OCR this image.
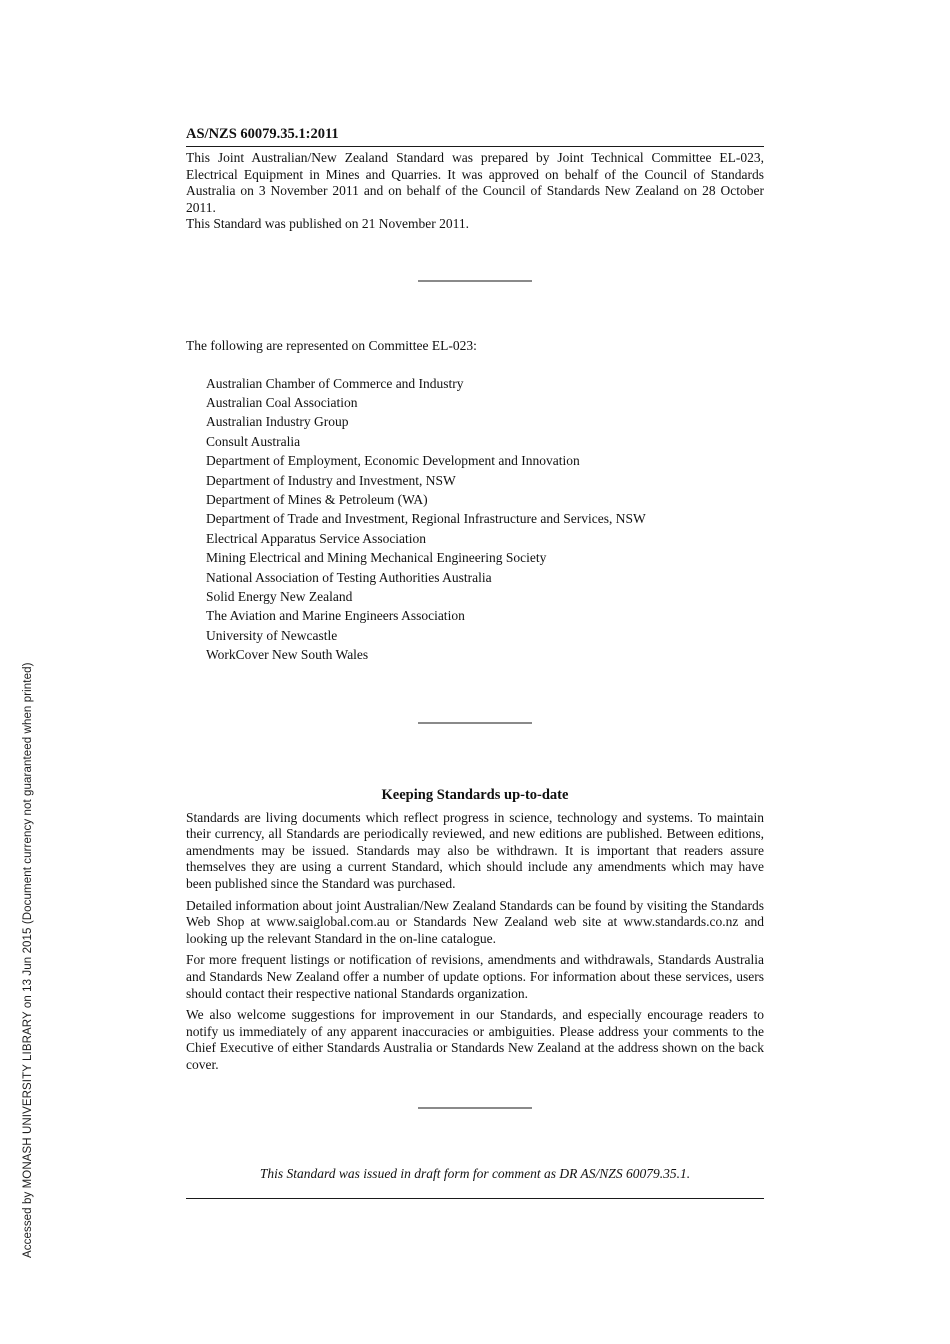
Accessed by MONASH UNIVERSITY LIBRARY on 13 Jun 2015 (Document currency not guaranteed when printed)
AS/NZS 60079.35.1:2011

This Joint Australian/New Zealand Standard was prepared by Joint Technical Committee EL-023, Electrical Equipment in Mines and Quarries. It was approved on behalf of the Council of Standards Australia on 3 November 2011 and on behalf of the Council of Standards New Zealand on 28 October 2011.

This Standard was published on 21 November 2011.

The following are represented on Committee EL-023:

Australian Chamber of Commerce and Industry
Australian Coal Association
Australian Industry Group
Consult Australia
Department of Employment, Economic Development and Innovation
Department of Industry and Investment, NSW
Department of Mines & Petroleum (WA)
Department of Trade and Investment, Regional Infrastructure and Services, NSW
Electrical Apparatus Service Association
Mining Electrical and Mining Mechanical Engineering Society
National Association of Testing Authorities Australia
Solid Energy New Zealand
The Aviation and Marine Engineers Association
University of Newcastle
WorkCover New South Wales
Keeping Standards up-to-date

Standards are living documents which reflect progress in science, technology and systems. To maintain their currency, all Standards are periodically reviewed, and new editions are published. Between editions, amendments may be issued. Standards may also be withdrawn. It is important that readers assure themselves they are using a current Standard, which should include any amendments which may have been published since the Standard was purchased.

Detailed information about joint Australian/New Zealand Standards can be found by visiting the Standards Web Shop at www.saiglobal.com.au or Standards New Zealand web site at www.standards.co.nz and looking up the relevant Standard in the on-line catalogue.

For more frequent listings or notification of revisions, amendments and withdrawals, Standards Australia and Standards New Zealand offer a number of update options. For information about these services, users should contact their respective national Standards organization.

We also welcome suggestions for improvement in our Standards, and especially encourage readers to notify us immediately of any apparent inaccuracies or ambiguities. Please address your comments to the Chief Executive of either Standards Australia or Standards New Zealand at the address shown on the back cover.

This Standard was issued in draft form for comment as DR AS/NZS 60079.35.1.
